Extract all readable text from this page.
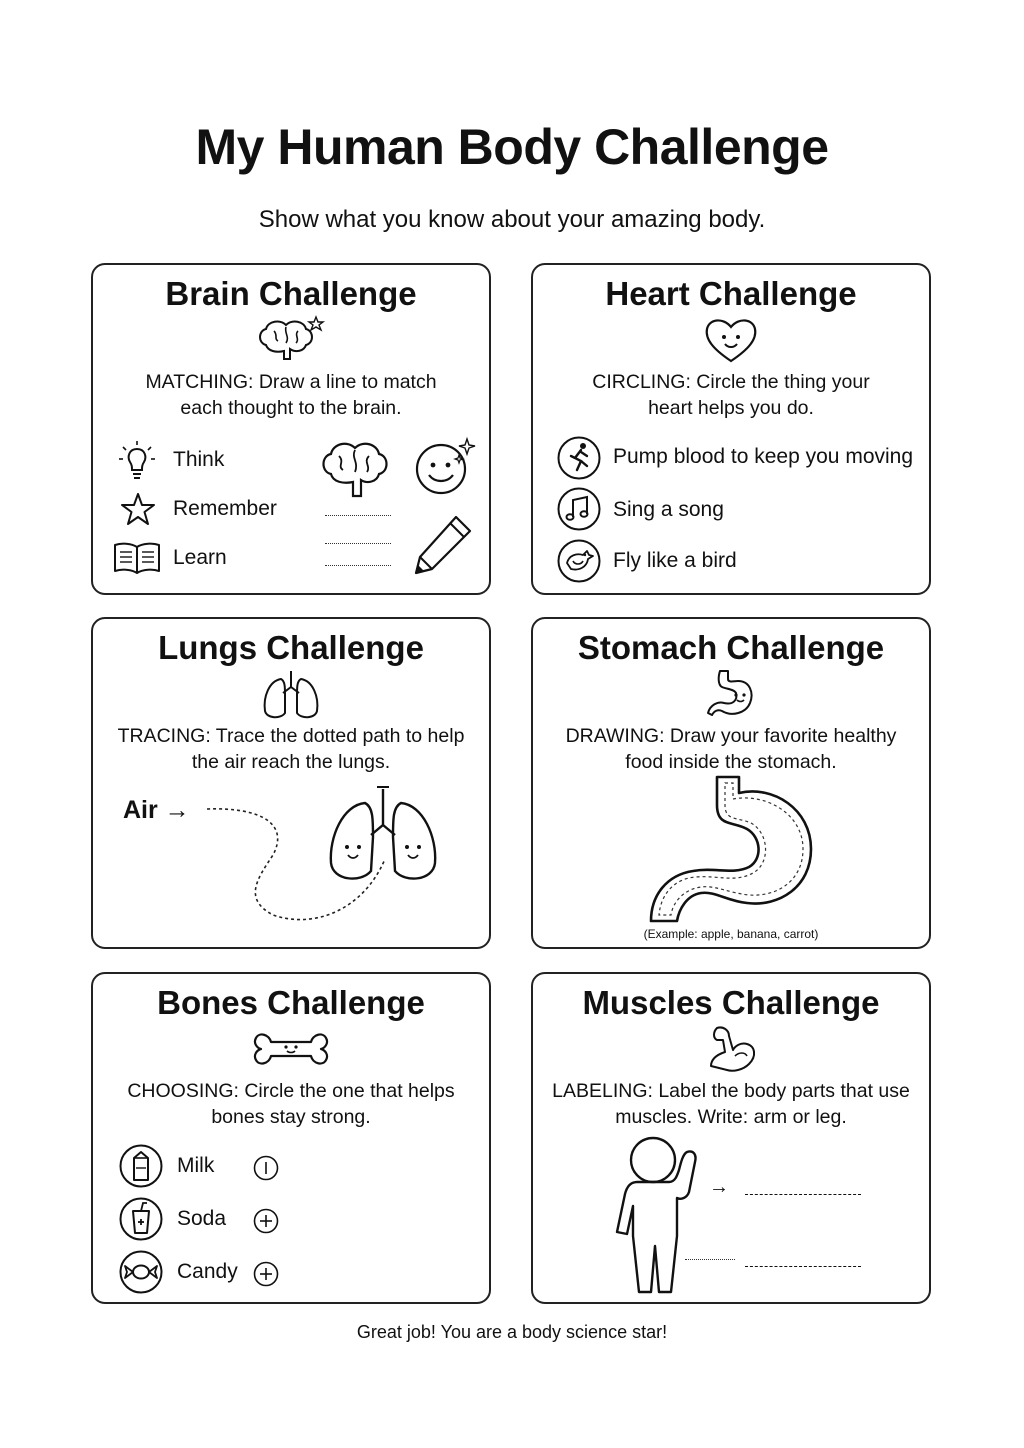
My Human Body Challenge
Show what you know about your amazing body.
Brain Challenge
MATCHING: Draw a line to match each thought to the brain.
Think
Remember
Learn
Heart Challenge
CIRCLING: Circle the thing your heart helps you do.
Pump blood to keep you moving
Sing a song
Fly like a bird
Lungs Challenge
TRACING: Trace the dotted path to help the air reach the lungs.
Air →
Stomach Challenge
DRAWING: Draw your favorite healthy food inside the stomach.
(Example: apple, banana, carrot)
Bones Challenge
CHOOSING: Circle the one that helps bones stay strong.
Milk
Soda
Candy
Muscles Challenge
LABELING: Label the body parts that use muscles. Write: arm or leg.
→
Great job! You are a body science star!
